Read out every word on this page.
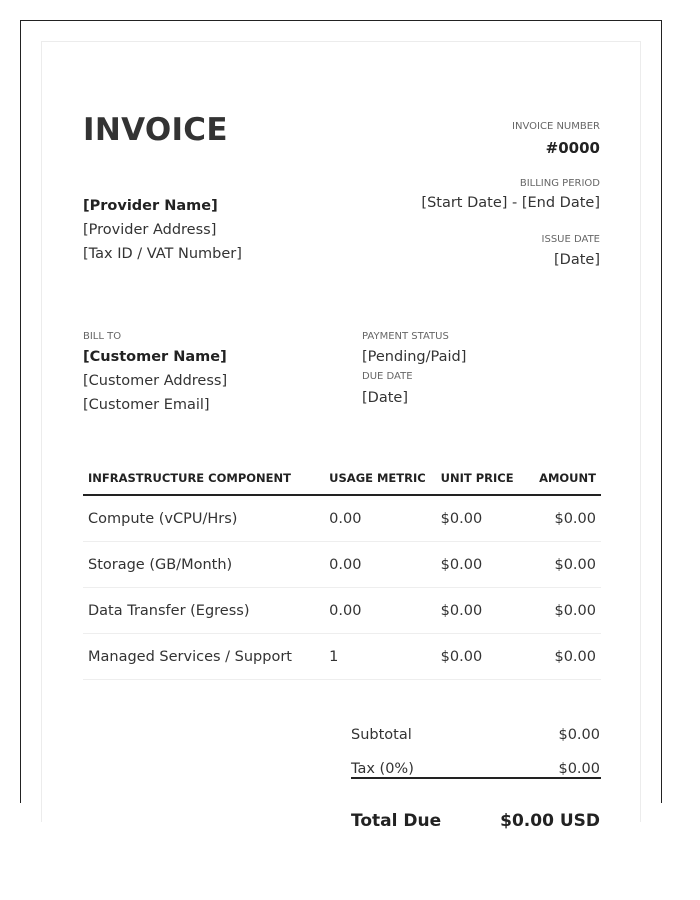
INVOICE	INVOICE NUMBER
#0000
BILLING PERIOD
[Start Date] - [End Date]
ISSUE DATE
[Date]
[Provider Name]
[Provider Address]
[Tax ID / VAT Number]
BILL TO
[Customer Name]
[Customer Address]
[Customer Email]
PAYMENT STATUS
[Pending/Paid]
DUE DATE
[Date]
INFRASTRUCTURE COMPONENT	USAGE METRIC	UNIT PRICE	AMOUNT
Compute (vCPU/Hrs)	0.00	$0.00	$0.00
Storage (GB/Month)	0.00	$0.00	$0.00
Data Transfer (Egress)	0.00	$0.00	$0.00
Managed Services / Support	1	$0.00	$0.00
Subtotal	$0.00
Tax (0%)	$0.00
Total Due	$0.00 USD
